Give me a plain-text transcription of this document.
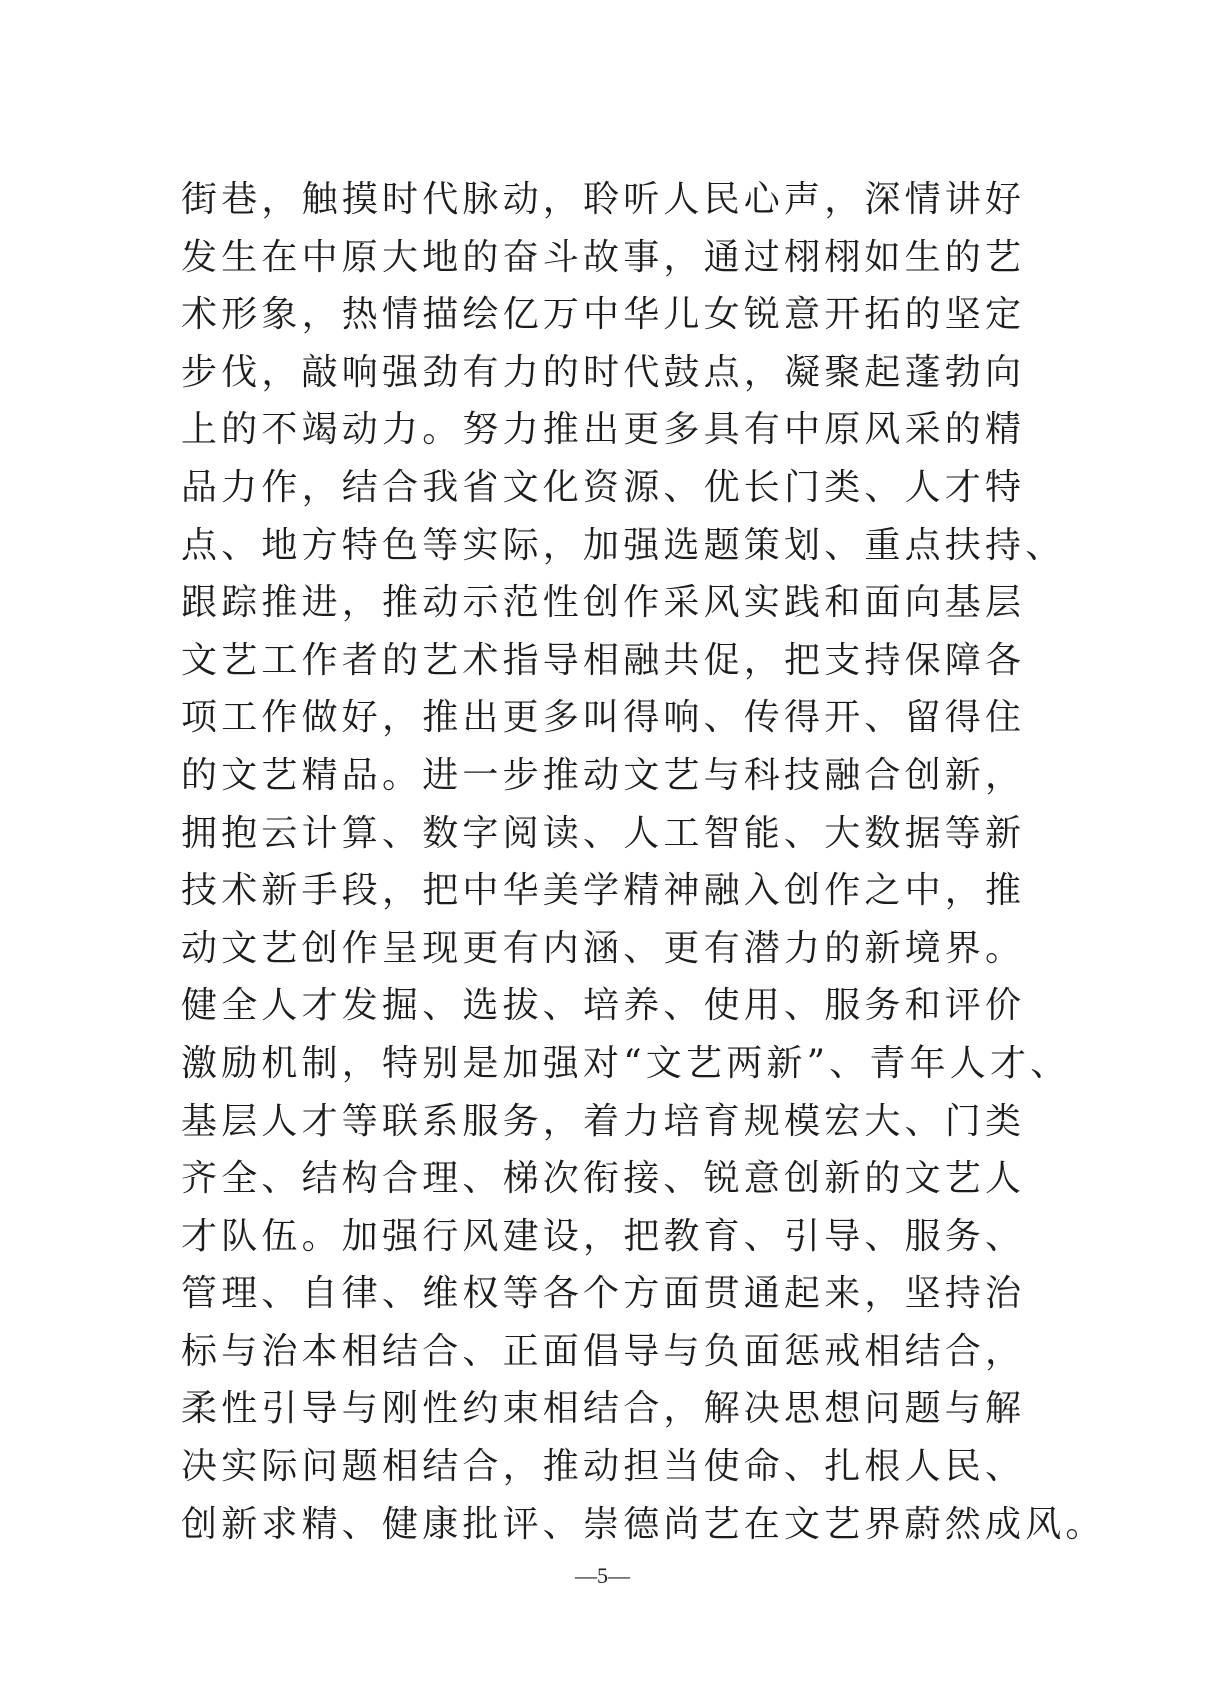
街巷，触摸时代脉动，聆听人民心声，深情讲好
发生在中原大地的奋斗故事，通过栩栩如生的艺
术形象，热情描绘亿万中华儿女锐意开拓的坚定
步伐，敲响强劲有力的时代鼓点，凝聚起蓬勃向
上的不竭动力。努力推出更多具有中原风采的精
品力作，结合我省文化资源、优长门类、人才特
点、地方特色等实际，加强选题策划、重点扶持、
跟踪推进，推动示范性创作采风实践和面向基层
文艺工作者的艺术指导相融共促，把支持保障各
项工作做好，推出更多叫得响、传得开、留得住
的文艺精品。进一步推动文艺与科技融合创新，
拥抱云计算、数字阅读、人工智能、大数据等新
技术新手段，把中华美学精神融入创作之中，推
动文艺创作呈现更有内涵、更有潜力的新境界。
健全人才发掘、选拔、培养、使用、服务和评价
激励机制，特别是加强对“文艺两新”、青年人才、
基层人才等联系服务，着力培育规模宏大、门类
齐全、结构合理、梯次衔接、锐意创新的文艺人
才队伍。加强行风建设，把教育、引导、服务、
管理、自律、维权等各个方面贯通起来，坚持治
标与治本相结合、正面倡导与负面惩戒相结合，
柔性引导与刚性约束相结合，解决思想问题与解
决实际问题相结合，推动担当使命、扎根人民、
创新求精、健康批评、崇德尚艺在文艺界蔚然成风。
—5—
